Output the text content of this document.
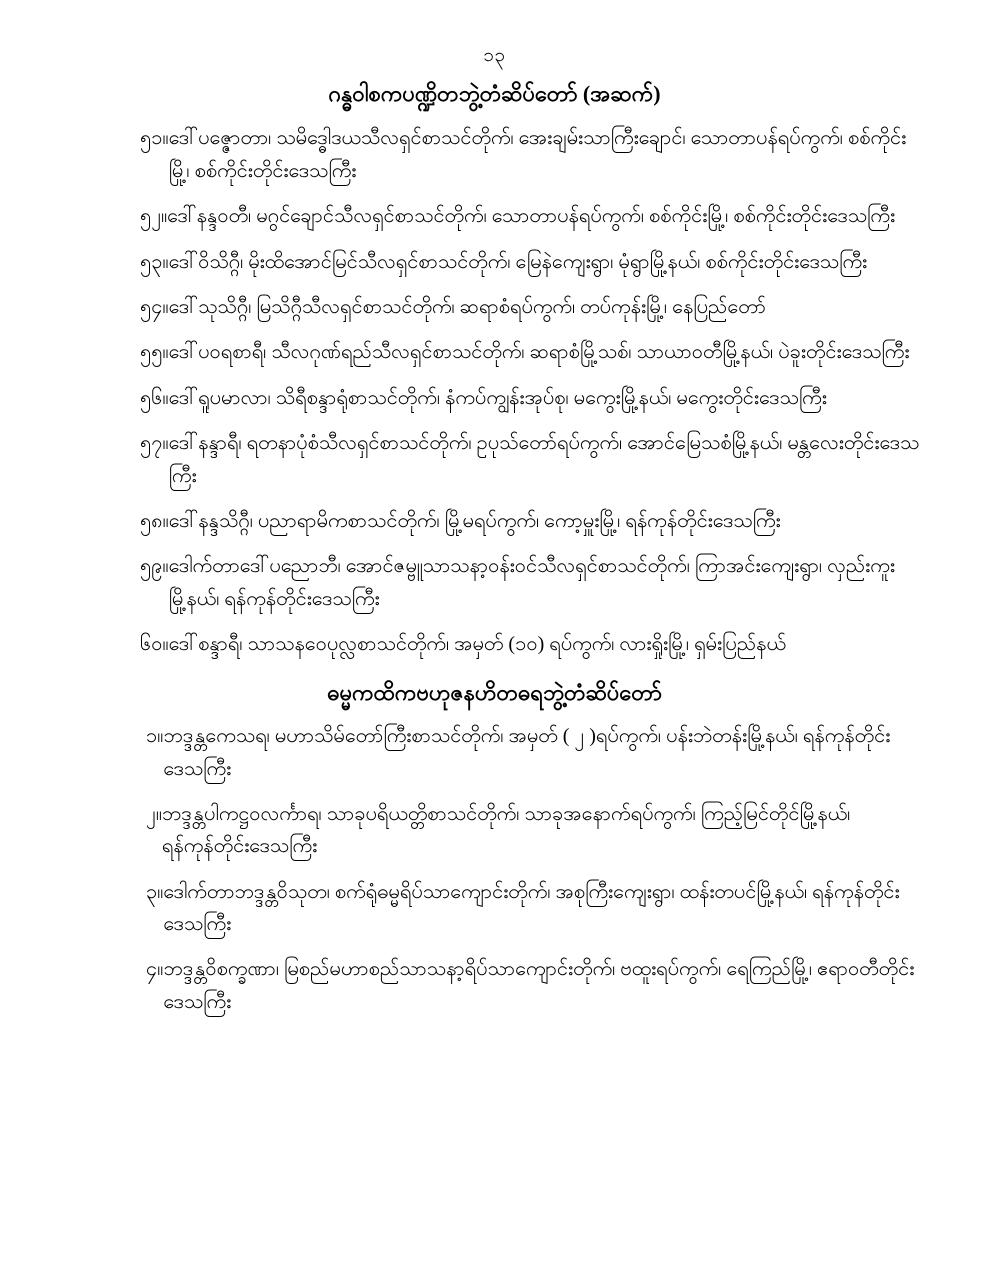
၁၃
ဂန္ဓဝါစကပဏ္ဍိတဘွဲ့တံဆိပ်တော် (အဆက်)
၅၁။ ဒေါ်ပဇ္ဇောတာ၊ သမိဒ္ဓေါဒယသီလရှင်စာသင်တိုက်၊ အေးချမ်းသာကြီးချောင်၊ သောတာပန်ရပ်ကွက်၊ စစ်ကိုင်းမြို့၊ စစ်ကိုင်းတိုင်းဒေသကြီး
၅၂။ ဒေါ်နန္ဒဝတီ၊ မဂွင်ချောင်သီလရှင်စာသင်တိုက်၊ သောတာပန်ရပ်ကွက်၊ စစ်ကိုင်းမြို့၊ စစ်ကိုင်းတိုင်းဒေသကြီး
၅၃။ ဒေါ်ဝိသိဂ္ဂီ၊ မိုးထိအောင်မြင်သီလရှင်စာသင်တိုက်၊ မြေနဲကျေးရွာ၊ မုံရွာမြို့နယ်၊ စစ်ကိုင်းတိုင်းဒေသကြီး
၅၄။ ဒေါ်သုသိဂ္ဂီ၊ မြသိဂ္ဂီသီလရှင်စာသင်တိုက်၊ ဆရာစံရပ်ကွက်၊ တပ်ကုန်းမြို့၊ နေပြည်တော်
၅၅။ ဒေါ်ပဝရစာရီ၊ သီလဂုဏ်ရည်သီလရှင်စာသင်တိုက်၊ ဆရာစံမြို့သစ်၊ သာယာဝတီမြို့နယ်၊ ပဲခူးတိုင်းဒေသကြီး
၅၆။ ဒေါ်ရူပမာလာ၊ သိရီစန္ဒာရုံစာသင်တိုက်၊ နံကပ်ကျွန်းအုပ်စု၊ မကွေးမြို့နယ်၊ မကွေးတိုင်းဒေသကြီး
၅၇။ ဒေါ်နန္ဒာရီ၊ ရတနာပုံစံသီလရှင်စာသင်တိုက်၊ ဥပုသ်တော်ရပ်ကွက်၊ အောင်မြေသစံမြို့နယ်၊ မန္တလေးတိုင်းဒေသကြီး
၅၈။ ဒေါ်နန္ဒသိဂ္ဂီ၊ ပညာရာမိကစာသင်တိုက်၊ မြို့မရပ်ကွက်၊ ကော့မှူးမြို့၊ ရန်ကုန်တိုင်းဒေသကြီး
၅၉။ ဒေါက်တာဒေါ်ပညောဘီ၊ အောင်ဇမ္ဗူသာသနာ့ဝန်းဝင်သီလရှင်စာသင်တိုက်၊ ကြာအင်းကျေးရွာ၊ လှည်းကူးမြို့နယ်၊ ရန်ကုန်တိုင်းဒေသကြီး
၆၀။ ဒေါ်စန္ဒာရီ၊ သာသနဝေပုလ္လစာသင်တိုက်၊ အမှတ် (၁၀) ရပ်ကွက်၊ လားရှိုးမြို့၊ ရှမ်းပြည်နယ်
ဓမ္မကထိကဗဟုဇနဟိတဓရဘွဲ့တံဆိပ်တော်
၁။ ဘဒ္ဒန္တကေသရ၊ မဟာသိမ်တော်ကြီးစာသင်တိုက်၊ အမှတ် ( ၂ )ရပ်ကွက်၊ ပန်းဘဲတန်းမြို့နယ်၊ ရန်ကုန်တိုင်းဒေသကြီး
၂။ ဘဒ္ဒန္တပါကဋ္ဌဝလင်္ကာရ၊ သာခုပရိယတ္တိစာသင်တိုက်၊ သာခုအနောက်ရပ်ကွက်၊ ကြည့်မြင်တိုင်မြို့နယ်၊ ရန်ကုန်တိုင်းဒေသကြီး
၃။ ဒေါက်တာဘဒ္ဒန္တဝိသုတ၊ စက်ရုံဓမ္မရိပ်သာကျောင်းတိုက်၊ အစုကြီးကျေးရွာ၊ ထန်းတပင်မြို့နယ်၊ ရန်ကုန်တိုင်းဒေသကြီး
၄။ ဘဒ္ဒန္တဝိစက္ခဏာ၊ မြစည်မဟာစည်သာသနာ့ရိပ်သာကျောင်းတိုက်၊ ဗထူးရပ်ကွက်၊ ရေကြည်မြို့၊ ဧရာဝတီတိုင်းဒေသကြီး
